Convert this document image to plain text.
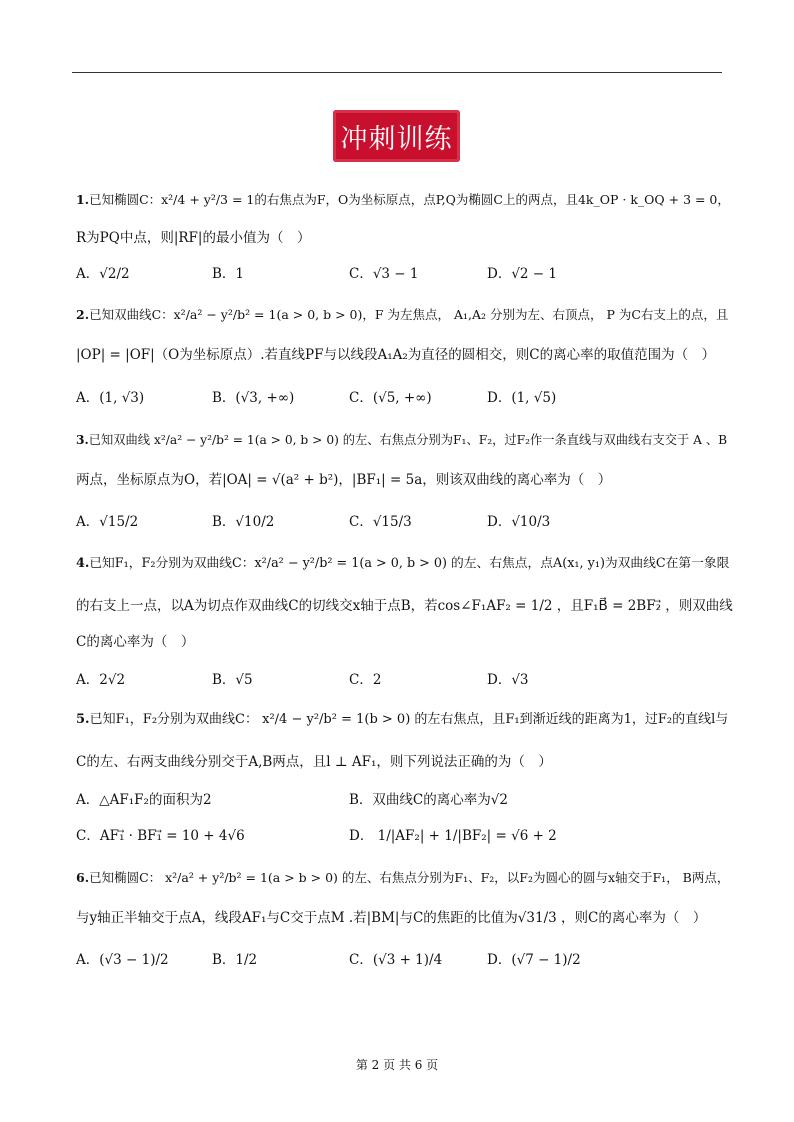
冲刺训练
1.已知椭圆C：x²/4 + y²/3 = 1的右焦点为F，O为坐标原点，点P,Q为椭圆C上的两点，且4k_OP · k_OQ + 3 = 0，
R为PQ中点，则|RF|的最小值为（　）
A．√2/2	B．1	C．√3 − 1	D．√2 − 1
2.已知双曲线C：x²/a² − y²/b² = 1(a > 0, b > 0)，F 为左焦点， A₁,A₂ 分别为左、右顶点， P 为C右支上的点，且
|OP| = |OF|（O为坐标原点）.若直线PF与以线段A₁A₂为直径的圆相交，则C的离心率的取值范围为（　）
A．(1, √3)	B．(√3, +∞)	C．(√5, +∞)	D．(1, √5)
3.已知双曲线 x²/a² − y²/b² = 1(a > 0, b > 0) 的左、右焦点分别为F₁、F₂，过F₂作一条直线与双曲线右支交于 A 、B
两点，坐标原点为O，若|OA| = √(a² + b²)，|BF₁| = 5a，则该双曲线的离心率为（　）
A．√15/2	B．√10/2	C．√15/3	D．√10/3
4.已知F₁，F₂分别为双曲线C：x²/a² − y²/b² = 1(a > 0, b > 0) 的左、右焦点，点A(x₁, y₁)为双曲线C在第一象限
的右支上一点，以A为切点作双曲线C的切线交x轴于点B，若cos∠F₁AF₂ = 1/2 ，且F₁B⃗ = 2BF₂⃗ ，则双曲线
C的离心率为（　）
A．2√2	B．√5	C．2	D．√3
5.已知F₁，F₂分别为双曲线C： x²/4 − y²/b² = 1(b > 0) 的左右焦点，且F₁到渐近线的距离为1，过F₂的直线l与
C的左、右两支曲线分别交于A,B两点，且l ⊥ AF₁，则下列说法正确的为（　）
A．△AF₁F₂的面积为2	B．双曲线C的离心率为√2
C．AF₁⃗ · BF₁⃗ = 10 + 4√6	D． 1/|AF₂| + 1/|BF₂| = √6 + 2
6.已知椭圆C： x²/a² + y²/b² = 1(a > b > 0) 的左、右焦点分别为F₁、F₂，以F₂为圆心的圆与x轴交于F₁， B两点，
与y轴正半轴交于点A，线段AF₁与C交于点M .若|BM|与C的焦距的比值为√31/3 ，则C的离心率为（　）
A．(√3 − 1)/2	B．1/2	C．(√3 + 1)/4	D．(√7 − 1)/2
第 2 页 共 6 页
